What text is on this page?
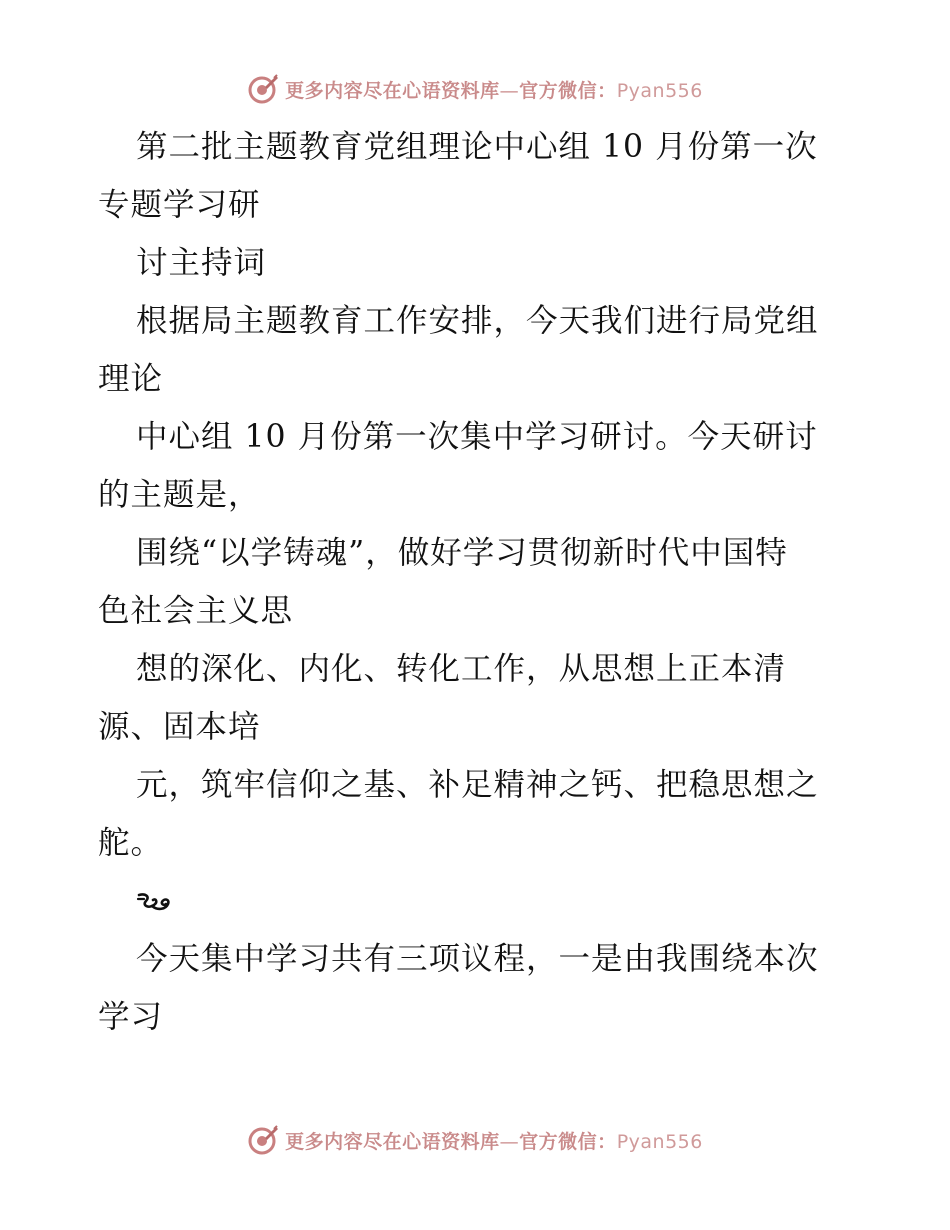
更多内容尽在心语资料库—官方微信：Pyan556
第二批主题教育党组理论中心组 10 月份第一次
专题学习研
讨主持词
根据局主题教育工作安排，今天我们进行局党组
理论
中心组 10 月份第一次集中学习研讨。今天研讨
的主题是，
围绕“以学铸魂”，做好学习贯彻新时代中国特
色社会主义思
想的深化、内化、转化工作，从思想上正本清
源、固本培
元，筑牢信仰之基、补足精神之钙、把稳思想之
舵。
今天集中学习共有三项议程，一是由我围绕本次
学习
更多内容尽在心语资料库—官方微信：Pyan556
